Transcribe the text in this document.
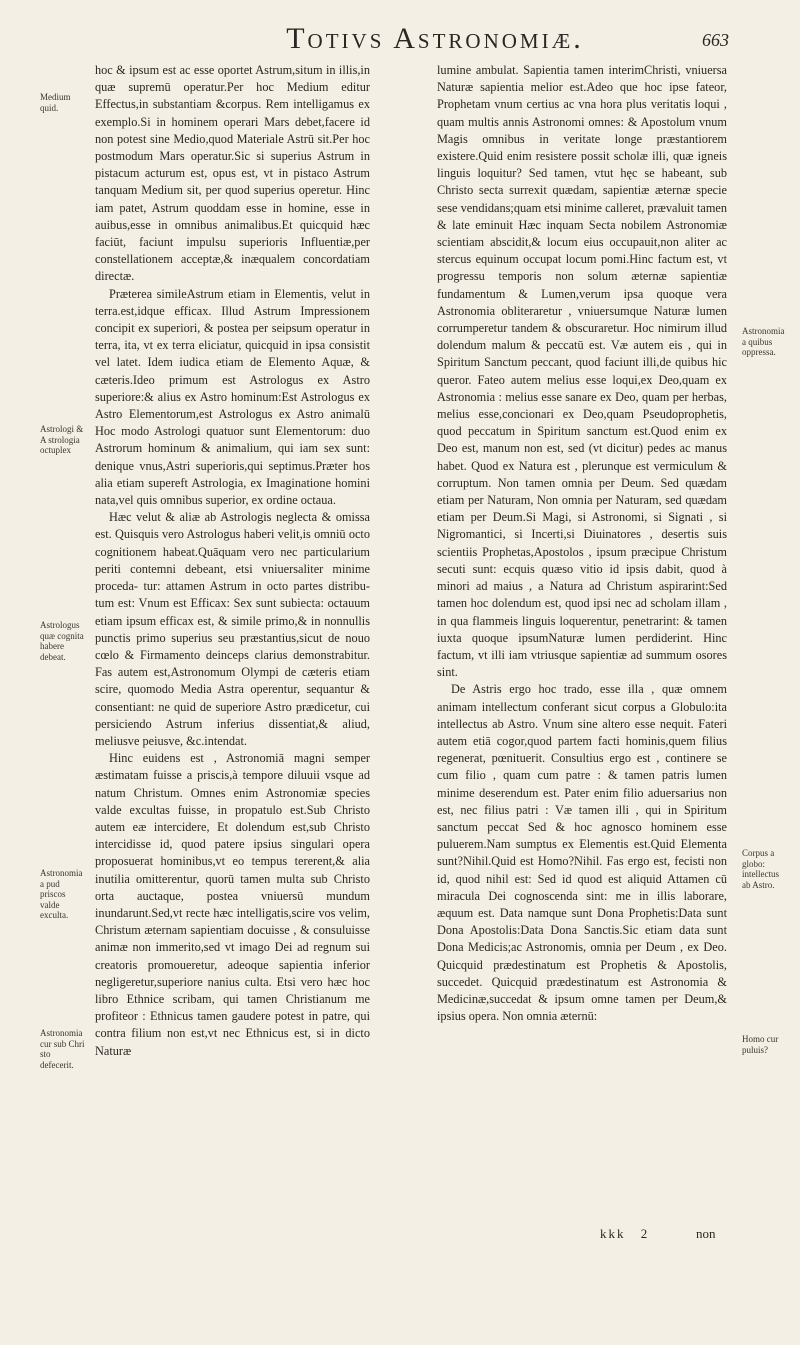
Totivs Astronomiæ.	663

hoc & ipsum est ac esse oportet Astrum,situm in illis,in quæ supremū operatur.Per hoc Medium editur Effectus,in substantiam &corpus. Rem intelligamus ex exemplo.Si in hominem operari Mars debet,facere id non potest sine Medio,quod Materiale Astrū sit.Per hoc postmodum Mars operatur.Sic si superius Astrum in pistacum acturum est, opus est, vt in pistaco Astrum tanquam Medium sit, per quod superius operetur. Hinc iam patet, Astrum quoddam esse in homine, esse in auibus,esse in omnibus animalibus.Et quicquid hæc faciūt, faciunt impulsu superioris Influentiæ,per constellationem acceptæ,& inæqualem concordatiam directæ.

Præterea simileAstrum etiam in Elementis, velut in terra.est,idque efficax. Illud Astrum Impressionem concipit ex superiori, & postea per seipsum operatur in terra, ita, vt ex terra eliciatur, quicquid in ipsa consistit vel latet. Idem iudica etiam de Elemento Aquæ, & cæteris.Ideo primum est Astrologus ex Astro superiore:& alius ex Astro hominum:Est Astrologus ex Astro Elementorum,est Astrologus ex Astro animalū Hoc modo Astrologi quatuor sunt Elementorum: duo Astrorum hominum & animalium, qui iam sex sunt: denique vnus,Astri superioris,qui septimus.Præter hos alia etiam supereft Astrologia, ex Imaginatione homini nata,vel quis omnibus superior, ex ordine octaua.

Hæc velut & aliæ ab Astrologis neglecta & omissa est. Quisquis vero Astrologus haberi velit,is omniū octo cognitionem habeat.Quāquam vero nec particularium periti contemni debeant, etsi vniuersaliter minime proceda- tur: attamen Astrum in octo partes distribu- tum est: Vnum est Efficax: Sex sunt subiecta: octauum etiam ipsum efficax est, & simile primo,& in nonnullis punctis primo superius seu præstantius,sicut de nouo cœlo & Firmamento deinceps clarius demonstrabitur. Fas autem est,Astronomum Olympi de cæteris etiam scire, quomodo Media Astra operentur, sequantur & consentiant: ne quid de superiore Astro prædicetur, cui persiciendo Astrum inferius dissentiat,& aliud, meliusve peiusve, &c.intendat.

Hinc euidens est , Astronomiā magni semper æstimatam fuisse a priscis,à tempore diluuii vsque ad natum Christum. Omnes enim Astronomiæ species valde excultas fuisse, in propatulo est.Sub Christo autem eæ intercidere, Et dolendum est,sub Christo intercidisse id, quod patere ipsius singulari opera proposuerat hominibus,vt eo tempus tererent,& alia inutilia omitterentur, quorū tamen multa sub Christo orta auctaque, postea vniuersū mundum inundarunt.Sed,vt recte hæc intelligatis,scire vos velim, Christum æternam sapientiam docuisse , & consuluisse animæ non immerito,sed vt imago Dei ad regnum sui creatoris promoueretur, adeoque sapientia inferior negligeretur,superiore nanius culta. Etsi vero hæc hoc libro Ethnice scribam, qui tamen Christianum me profiteor : Ethnicus tamen gaudere potest in patre, qui contra filium non est,vt nec Ethnicus est, si in dicto Naturæ

lumine ambulat. Sapientia tamen interimChristi, vniuersa Naturæ sapientia melior est.Adeo que hoc ipse fateor, Prophetam vnum certius ac vna hora plus veritatis loqui , quam multis annis Astronomi omnes: & Apostolum vnum Magis omnibus in veritate longe præstantiorem existere.Quid enim resistere possit scholæ illi, quæ igneis linguis loquitur? Sed tamen, vtut hęc se habeant, sub Christo secta surrexit quædam, sapientiæ æternæ specie sese vendidans;quam etsi minime calleret, prævaluit tamen & late eminuit Hæc inquam Secta nobilem Astronomiæ scientiam abscidit,& locum eius occupauit,non aliter ac stercus equinum occupat locum pomi.Hinc factum est, vt progressu temporis non solum æternæ sapientiæ fundamentum & Lumen,verum ipsa quoque vera Astronomia obliteraretur , vniuersumque Naturæ lumen corrumperetur tandem & obscuraretur. Hoc nimirum illud dolendum malum & peccatū est. Væ autem eis , qui in Spiritum Sanctum peccant, quod faciunt illi,de quibus hic queror. Fateo autem melius esse loqui,ex Deo,quam ex Astronomia : melius esse sanare ex Deo, quam per herbas, melius esse,concionari ex Deo,quam Pseudoprophetis, quod peccatum in Spiritum sanctum est.Quod enim ex Deo est, manum non est, sed (vt dicitur) pedes ac manus habet. Quod ex Natura est , plerunque est vermiculum & corruptum. Non tamen omnia per Deum. Sed quædam etiam per Naturam, Non omnia per Naturam, sed quædam etiam per Deum.Si Magi, si Astronomi, si Signati , si Nigromantici, si Incerti,si Diuinatores , desertis suis scientiis Prophetas,Apostolos , ipsum præcipue Christum secuti sunt: ecquis quæso vitio id ipsis dabit, quod à minori ad maius , a Natura ad Christum aspirarint:Sed tamen hoc dolendum est, quod ipsi nec ad scholam illam , in qua flammeis linguis loquerentur, penetrarint: & tamen iuxta quoque ipsumNaturæ lumen perdiderint. Hinc factum, vt illi iam vtriusque sapientiæ ad summum osores sint.

De Astris ergo hoc trado, esse illa , quæ omnem animam intellectum conferant sicut corpus a Globulo:ita intellectus ab Astro. Vnum sine altero esse nequit. Fateri autem etiā cogor,quod partem facti hominis,quem filius regenerat, pœnituerit. Consultius ergo est , continere se cum filio , quam cum patre : & tamen patris lumen minime deserendum est. Pater enim filio aduersarius non est, nec filius patri : Væ tamen illi , qui in Spiritum sanctum peccat Sed & hoc agnosco hominem esse puluerem.Nam sumptus ex Elementis est.Quid Elementa sunt?Nihil.Quid est Homo?Nihil. Fas ergo est, fecisti non id, quod nihil est: Sed id quod est aliquid Attamen cū miracula Dei cognoscenda sint: me in illis laborare, æquum est. Data namque sunt Dona Prophetis:Data sunt Dona Apostolis:Data Dona Sanctis.Sic etiam data sunt Dona Medicis;ac Astronomis, omnia per Deum , ex Deo. Quicquid prædestinatum est Prophetis & Apostolis, succedet. Quicquid prædestinatum est Astronomia & Medicinæ,succedat & ipsum omne tamen per Deum,& ipsius opera. Non omnia æternū:

Medium quid.
Astrologi & A strologia octuplex
Astrologus quæ cognita habere debeat.
Astronomia a pud priscos valde exculta.
Astronomia cur sub Chri sto defecerit.
Astronomia a quibus oppressa.
Corpus a globo: intellectus ab Astro.
Homo cur puluis?
kkk 2	non
